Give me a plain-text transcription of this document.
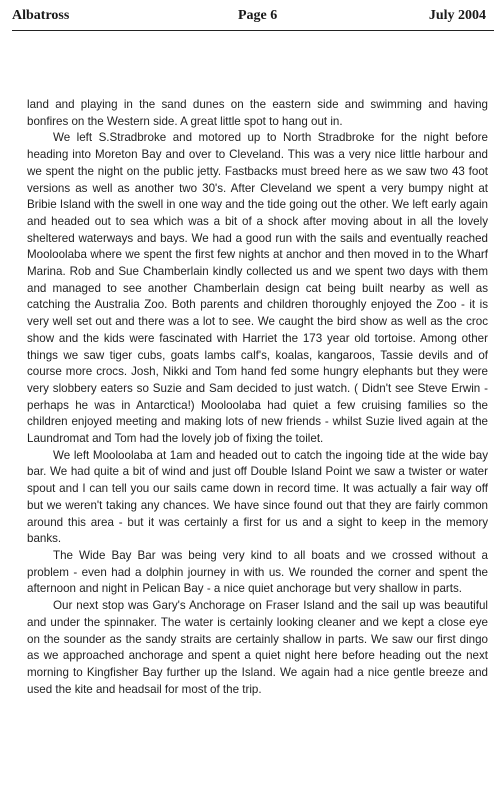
Albatross	Page 6	July 2004

land and playing in the sand dunes on the eastern side and swimming and having bonfires on the Western side. A great little spot to hang out in.

We left S.Stradbroke and motored up to North Stradbroke for the night before heading into Moreton Bay and over to Cleveland. This was a very nice little harbour and we spent the night on the public jetty. Fastbacks must breed here as we saw two 43 foot versions as well as another two 30's. After Cleveland we spent a very bumpy night at Bribie Island with the swell in one way and the tide going out the other. We left early again and headed out to sea which was a bit of a shock after moving about in all the lovely sheltered waterways and bays. We had a good run with the sails and eventually reached Mooloolaba where we spent the first few nights at anchor and then moved in to the Wharf Marina. Rob and Sue Chamberlain kindly collected us and we spent two days with them and managed to see another Chamberlain design cat being built nearby as well as catching the Australia Zoo. Both parents and children thoroughly enjoyed the Zoo - it is very well set out and there was a lot to see. We caught the bird show as well as the croc show and the kids were fascinated with Harriet the 173 year old tortoise. Among other things we saw tiger cubs, goats lambs calf's, koalas, kangaroos, Tassie devils and of course more crocs. Josh, Nikki and Tom hand fed some hungry elephants but they were very slobbery eaters so Suzie and Sam decided to just watch. ( Didn't see Steve Erwin - perhaps he was in Antarctica!) Mooloolaba had quiet a few cruising families so the children enjoyed meeting and making lots of new friends - whilst Suzie lived again at the Laundromat and Tom had the lovely job of fixing the toilet.

We left Mooloolaba at 1am and headed out to catch the ingoing tide at the wide bay bar. We had quite a bit of wind and just off Double Island Point we saw a twister or water spout and I can tell you our sails came down in record time. It was actually a fair way off but we weren't taking any chances. We have since found out that they are fairly common around this area - but it was certainly a first for us and a sight to keep in the memory banks.

The Wide Bay Bar was being very kind to all boats and we crossed without a problem - even had a dolphin journey in with us. We rounded the corner and spent the afternoon and night in Pelican Bay - a nice quiet anchorage but very shallow in parts.

Our next stop was Gary's Anchorage on Fraser Island and the sail up was beautiful and under the spinnaker. The water is certainly looking cleaner and we kept a close eye on the sounder as the sandy straits are certainly shallow in parts. We saw our first dingo as we approached anchorage and spent a quiet night here before heading out the next morning to Kingfisher Bay further up the Island. We again had a nice gentle breeze and used the kite and headsail for most of the trip.
